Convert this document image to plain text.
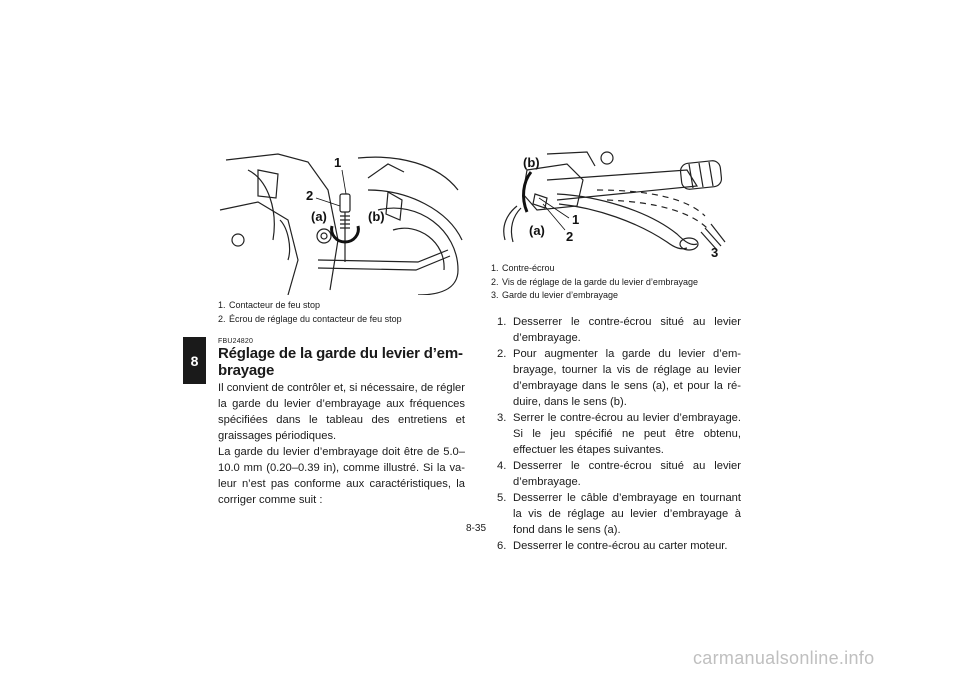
8
1
2
(a)	(b)
1. Contacteur de feu stop
2. Écrou de réglage du contacteur de feu stop
FBU24820
Réglage de la garde du levier d’em-brayage

Il convient de contrôler et, si nécessaire, de régler la garde du levier d’embrayage aux fréquences spécifiées dans le tableau des entretiens et graissages périodiques.

La garde du levier d’embrayage doit être de 5.0–10.0 mm (0.20–0.39 in), comme illustré. Si la va-leur n’est pas conforme aux caractéristiques, la corriger comme suit :

(b)
1
2
(a)
3
1. Contre-écrou
2. Vis de réglage de la garde du levier d’embrayage
3. Garde du levier d’embrayage
1. Desserrer le contre-écrou situé au levier d’embrayage.
2. Pour augmenter la garde du levier d’em-brayage, tourner la vis de réglage au levier d’embrayage dans le sens (a), et pour la ré-duire, dans le sens (b).
3. Serrer le contre-écrou au levier d’embrayage. Si le jeu spécifié ne peut être obtenu, effectuer les étapes suivantes.
4. Desserrer le contre-écrou situé au levier d’embrayage.
5. Desserrer le câble d’embrayage en tournant la vis de réglage au levier d’embrayage à fond dans le sens (a).
6. Desserrer le contre-écrou au carter moteur.
8-35
carmanualsonline.info
